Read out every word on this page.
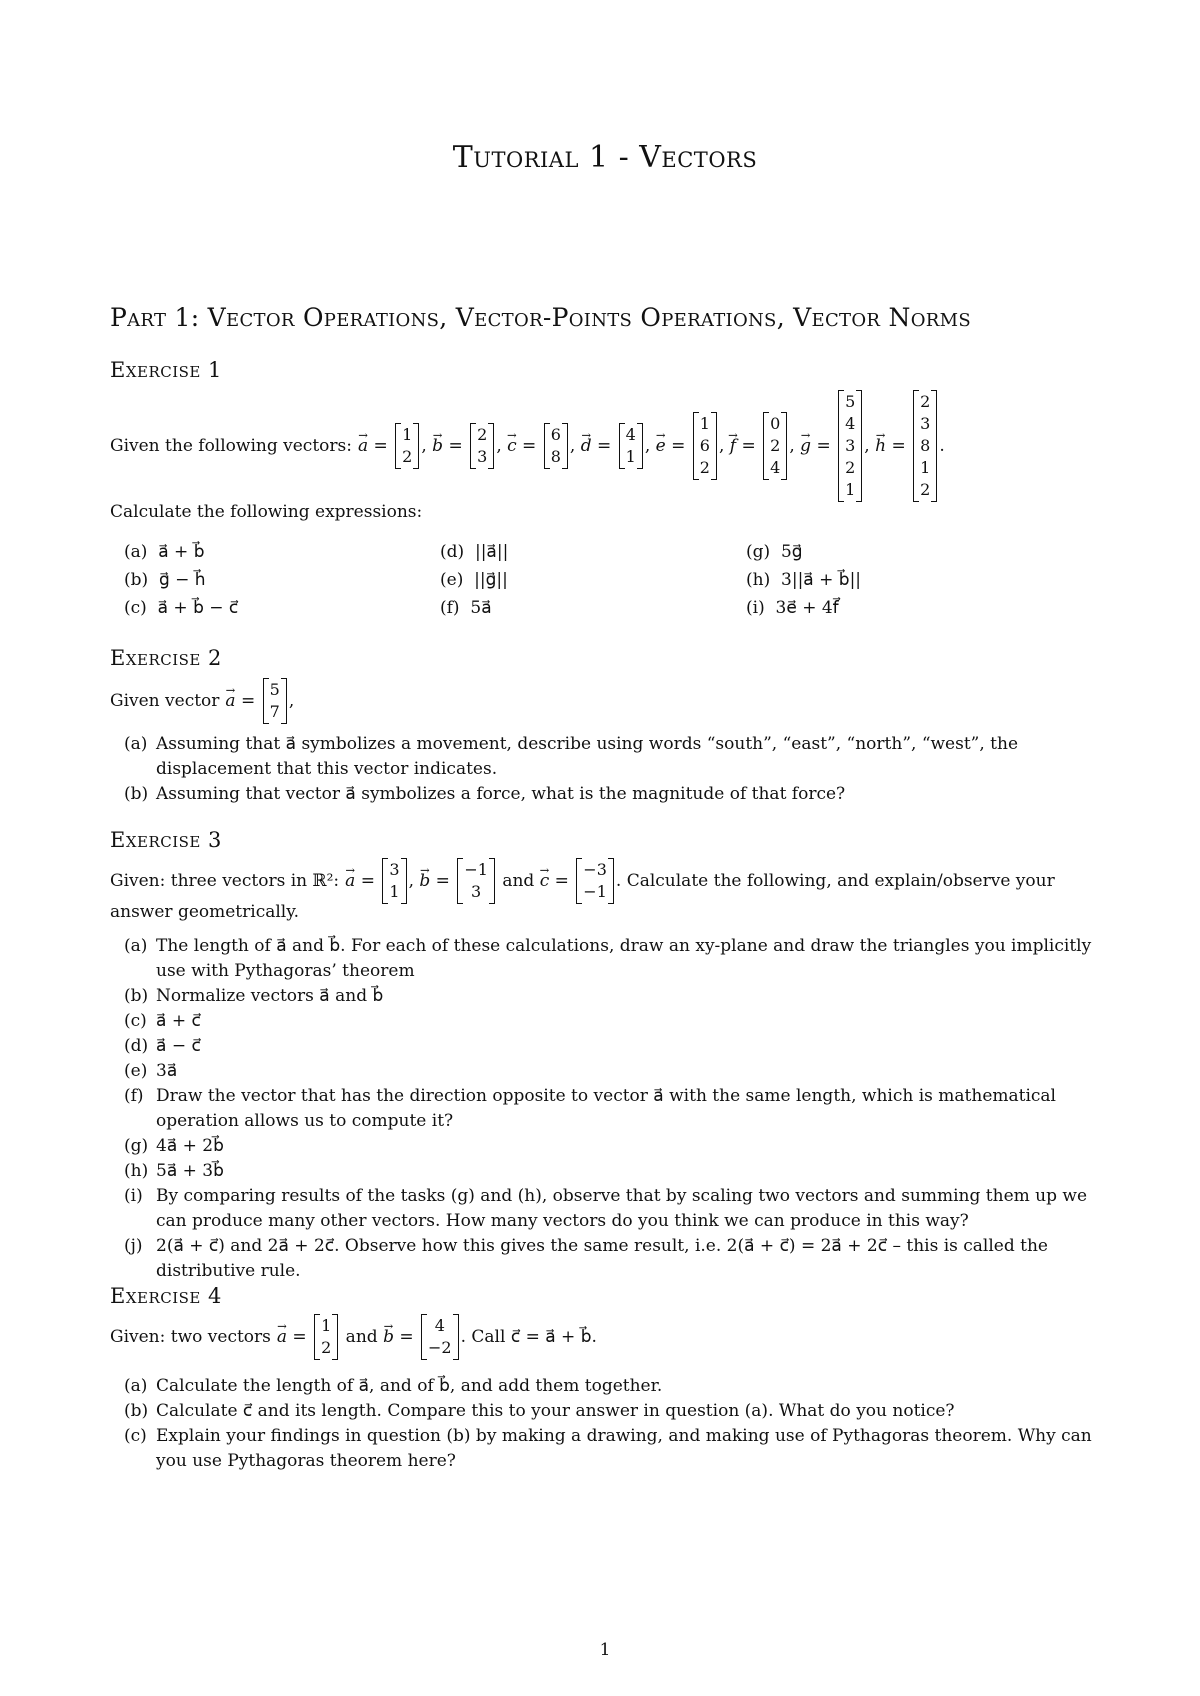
Tutorial 1 - Vectors
Part 1: Vector Operations, Vector-Points Operations, Vector Norms
Exercise 1
Given the following vectors: → a =
1
2
, → b =
2
3
, → c =
6
8
, → d =
4
1
, → e =
1
6
2
, → f =
0
2
4
, → g =
5
4
3
2
1
, → h =
2
3
8
1
2
.
Calculate the following expressions:
(a)  a⃗ + b⃗
(b)  g⃗ − h⃗
(c)  a⃗ + b⃗ − c⃗
(d)  ||a⃗||
(e)  ||g⃗||
(f)  5a⃗
(g)  5g⃗
(h)  3||a⃗ + b⃗||
(i)  3e⃗ + 4f⃗
Exercise 2
Given vector → a =
5
7
,
(a) Assuming that a⃗ symbolizes a movement, describe using words “south”, “east”, “north”, “west”, the displacement that this vector indicates.
(b) Assuming that vector a⃗ symbolizes a force, what is the magnitude of that force?
Exercise 3
Given: three vectors in ℝ²: → a =
3
1
, → b =
−1
3
and → c =
−3
−1
. Calculate the following, and explain/observe your
answer geometrically.
(a) The length of a⃗ and b⃗. For each of these calculations, draw an xy-plane and draw the triangles you implicitly use with Pythagoras’ theorem
(b) Normalize vectors a⃗ and b⃗
(c) a⃗ + c⃗
(d) a⃗ − c⃗
(e) 3a⃗
(f) Draw the vector that has the direction opposite to vector a⃗ with the same length, which is mathematical operation allows us to compute it?
(g) 4a⃗ + 2b⃗
(h) 5a⃗ + 3b⃗
(i) By comparing results of the tasks (g) and (h), observe that by scaling two vectors and summing them up we can produce many other vectors. How many vectors do you think we can produce in this way?
(j) 2(a⃗ + c⃗) and 2a⃗ + 2c⃗. Observe how this gives the same result, i.e. 2(a⃗ + c⃗) = 2a⃗ + 2c⃗ – this is called the distributive rule.
Exercise 4
Given: two vectors → a =
1
2
and → b =
4
−2
. Call c⃗ = a⃗ + b⃗.
(a) Calculate the length of a⃗, and of b⃗, and add them together.
(b) Calculate c⃗ and its length. Compare this to your answer in question (a). What do you notice?
(c) Explain your findings in question (b) by making a drawing, and making use of Pythagoras theorem. Why can you use Pythagoras theorem here?
1
